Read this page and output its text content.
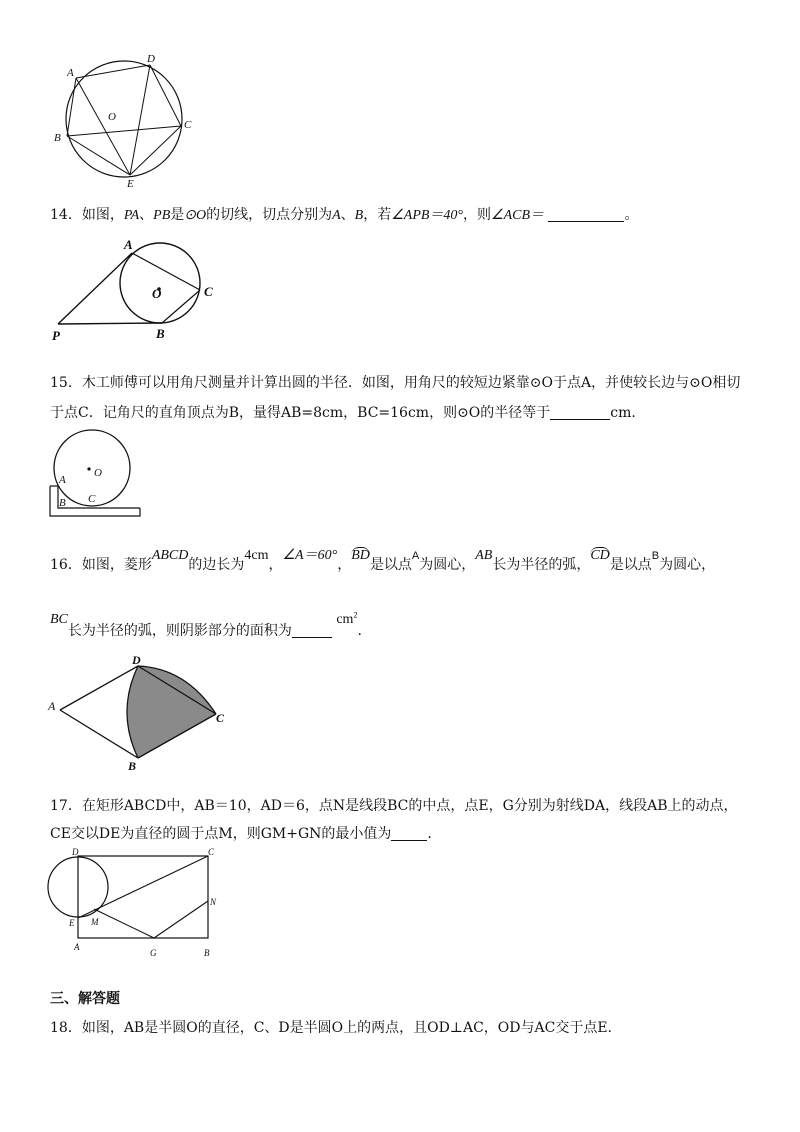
A
D
O
B
C
E
14．如图，PA、PB是⊙O的切线，切点分别为A、B，若∠APB＝40°，则∠ACB＝	。
A
O	C
P	B
15．木工师傅可以用角尺测量并计算出圆的半径．如图，用角尺的较短边紧靠⊙O于点A，并使较长边与⊙O相切
于点C．记角尺的直角顶点为B，量得AB=8cm，BC=16cm，则⊙O的半径等于	cm.
O
A
C
B
16．如图，菱形ABCD的边长为4cm，∠A＝60°，BD是以点$^A$为圆心，AB长为半径的弧，CD是以点$^B$为圆心，
BC长为半径的弧，则阴影部分的面积为 $cm^2$.
D
A
C
B
17．在矩形ABCD中，AB＝10，AD＝6，点N是线段BC的中点，点E，G分别为射线DA，线段AB上的动点，
CE交以DE为直径的圆于点M，则GM+GN的最小值为	.
D	C
N
E M
A
G	B
三、解答题
18．如图，AB是半圆O的直径，C、D是半圆O上的两点，且OD⊥AC，OD与AC交于点E.
